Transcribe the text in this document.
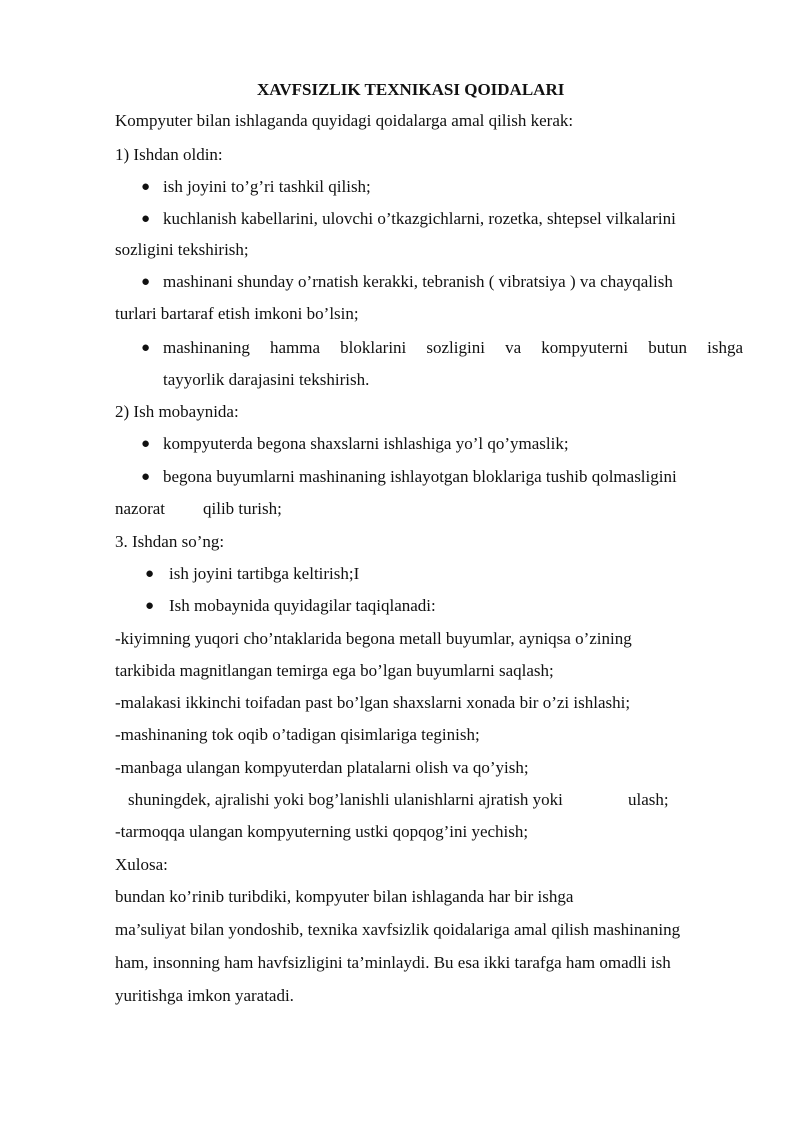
XAVFSIZLIK TEXNIKASI QOIDALARI
Kompyuter bilan ishlaganda quyidagi qoidalarga amal qilish kerak:
1) Ishdan oldin:
● ish joyini to’g’ri tashkil qilish;
● kuchlanish kabellarini, ulovchi o’tkazgichlarni, rozetka, shtepsel vilkalarini
sozligini tekshirish;
● mashinani shunday o’rnatish kerakki, tebranish ( vibratsiya ) va chayqalish
turlari bartaraf etish imkoni bo’lsin;
● mashinaning hamma bloklarini sozligini va kompyuterni butun ishga
tayyorlik darajasini tekshirish.
2) Ish mobaynida:
● kompyuterda begona shaxslarni ishlashiga yo’l qo’ymaslik;
● begona buyumlarni mashinaning ishlayotgan bloklariga tushib qolmasligini
nazorat qilib turish;
3. Ishdan so’ng:
● ish joyini tartibga keltirish;I
● Ish mobaynida quyidagilar taqiqlanadi:
-kiyimning yuqori cho’ntaklarida begona metall buyumlar, ayniqsa o’zining
tarkibida magnitlangan temirga ega bo’lgan buyumlarni saqlash;
-malakasi ikkinchi toifadan past bo’lgan shaxslarni xonada bir o’zi ishlashi;
-mashinaning tok oqib o’tadigan qisimlariga teginish;
-manbaga ulangan kompyuterdan platalarni olish va qo’yish;
shuningdek, ajralishi yoki bog’lanishli ulanishlarni ajratish yoki	ulash;
-tarmoqqa ulangan kompyuterning ustki qopqog’ini yechish;
Xulosa:
bundan ko’rinib turibdiki, kompyuter bilan ishlaganda har bir ishga
ma’suliyat bilan yondoshib, texnika xavfsizlik qoidalariga amal qilish mashinaning
ham, insonning ham havfsizligini ta’minlaydi. Bu esa ikki tarafga ham omadli ish
yuritishga imkon yaratadi.
